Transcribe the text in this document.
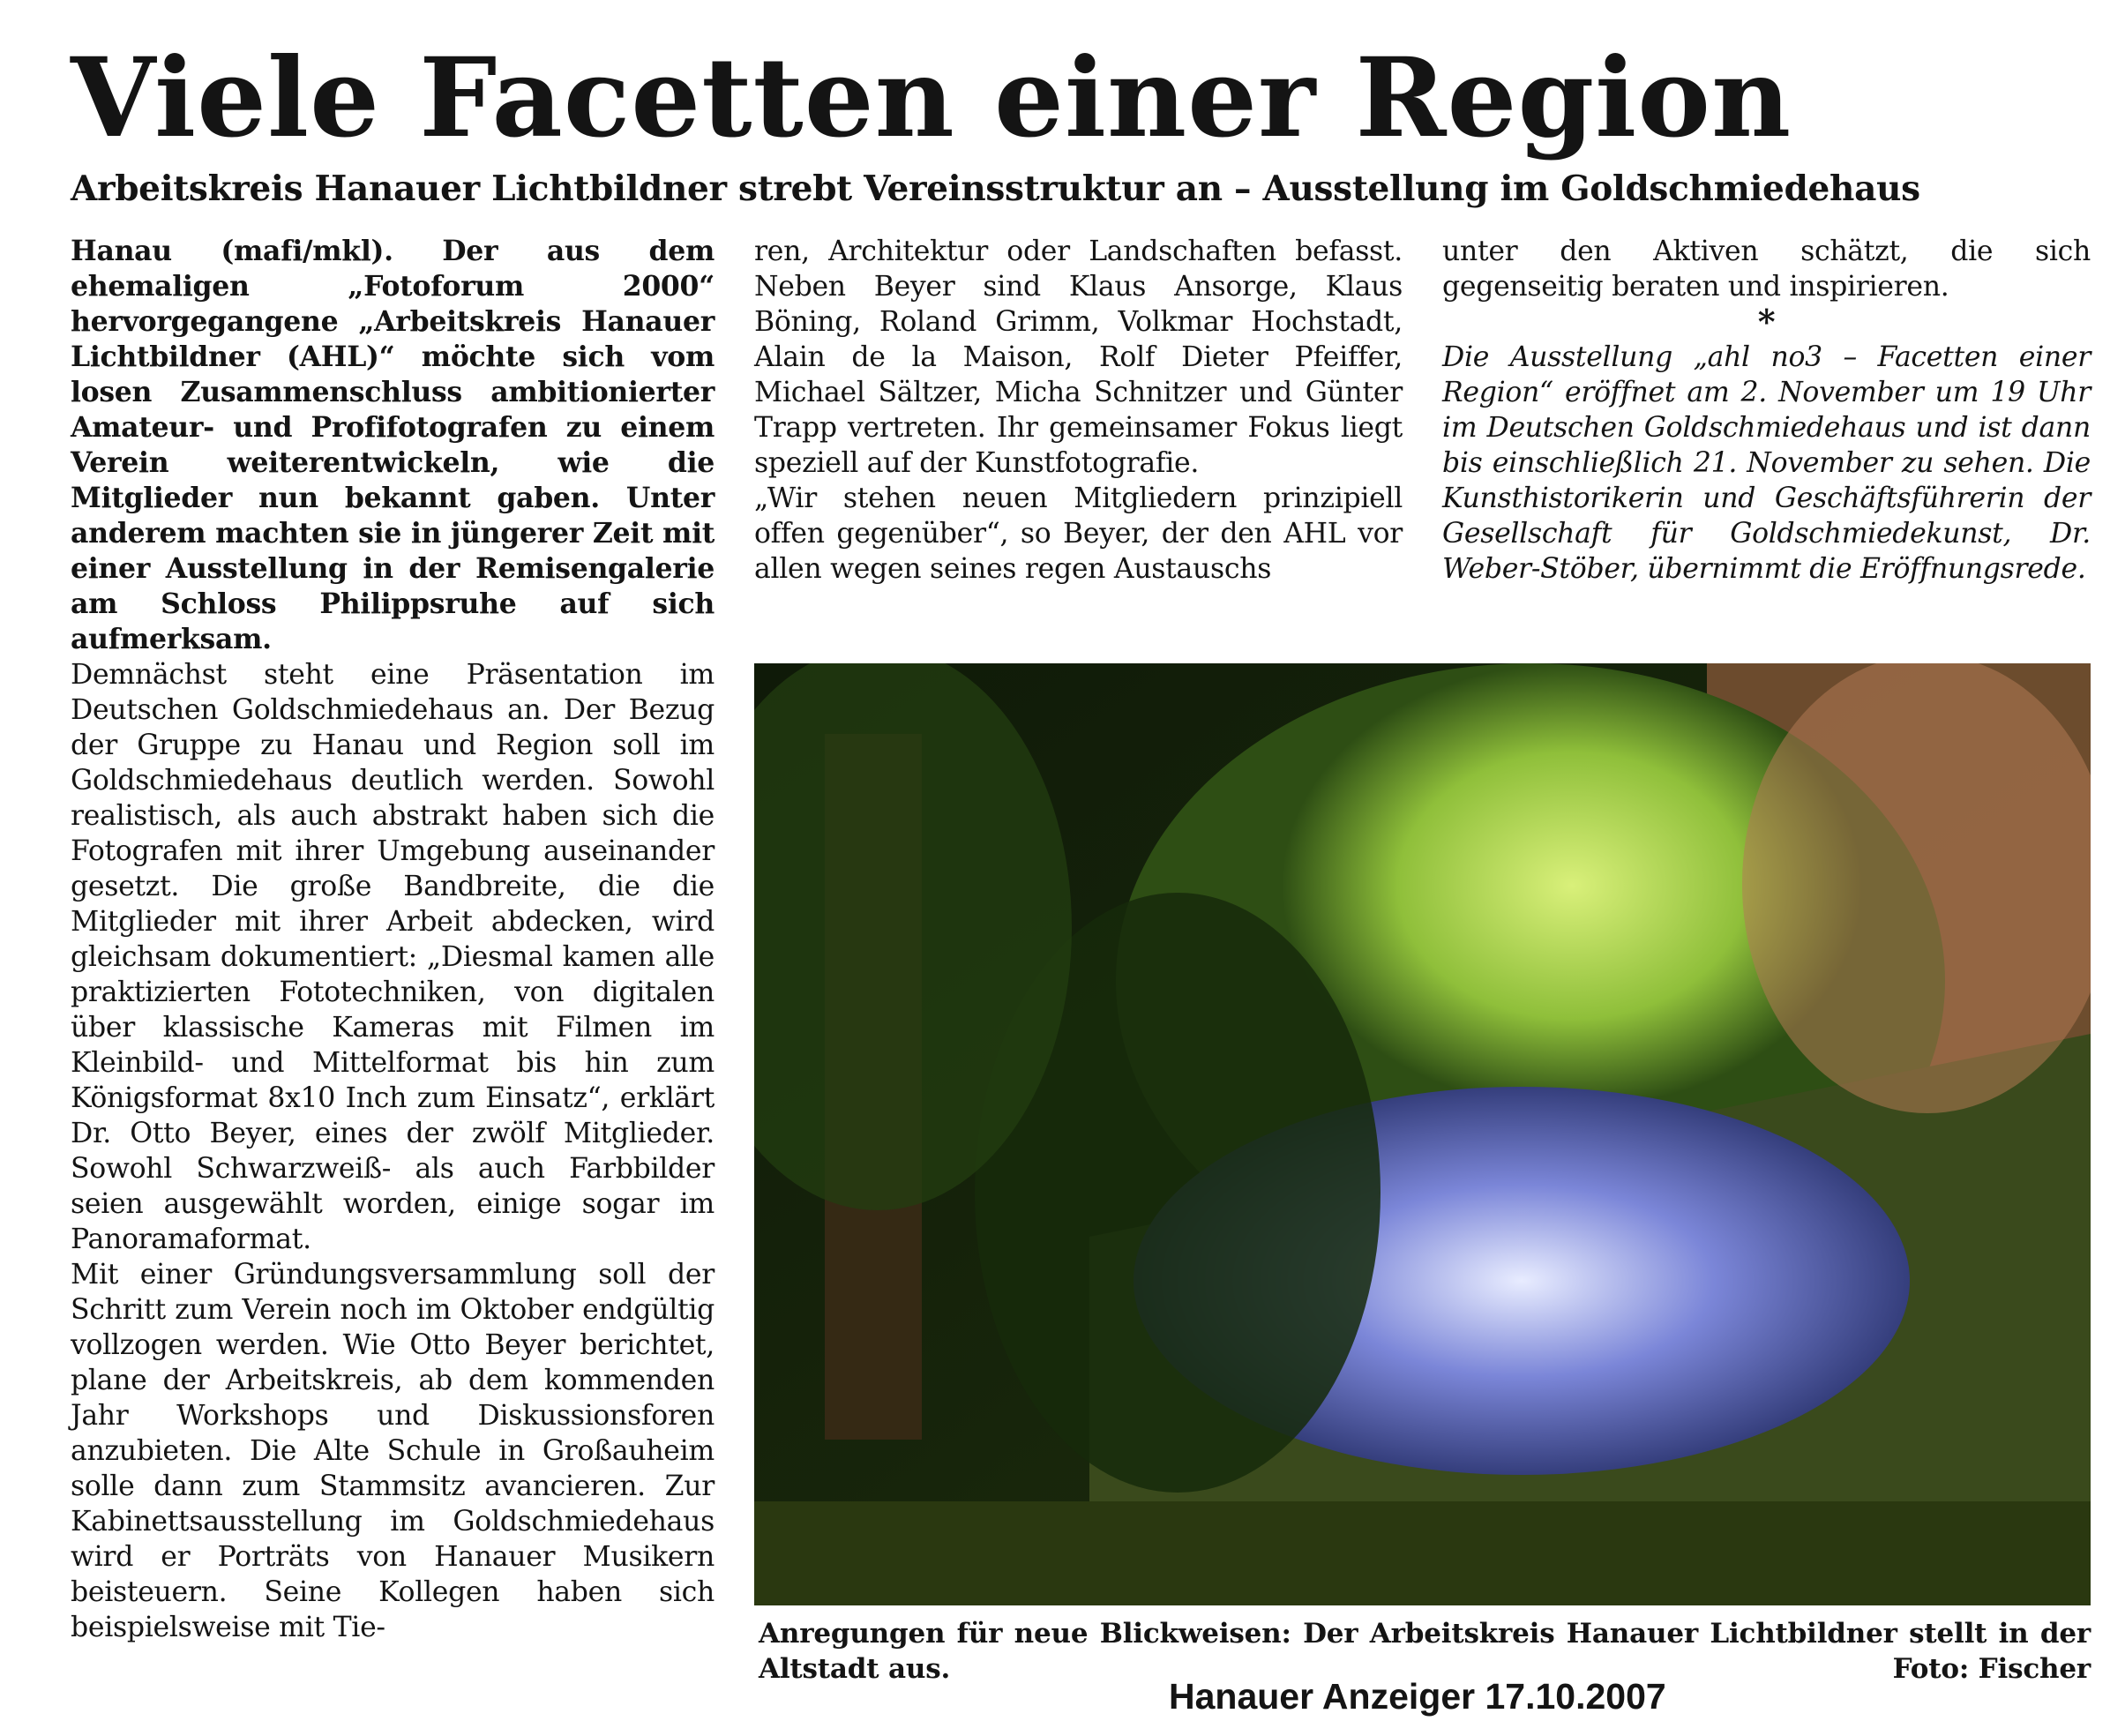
Viele Facetten einer Region
Arbeitskreis Hanauer Lichtbildner strebt Vereinsstruktur an – Ausstellung im Goldschmiedehaus

Hanau (mafi/mkl). Der aus dem ehemaligen „Fotoforum 2000“ hervorgegangene „Arbeitskreis Hanauer Lichtbildner (AHL)“ möchte sich vom losen Zusammenschluss ambitionierter Amateur- und Profifotografen zu einem Verein weiterentwickeln, wie die Mitglieder nun bekannt gaben. Unter anderem machten sie in jüngerer Zeit mit einer Ausstellung in der Remisengalerie am Schloss Philippsruhe auf sich aufmerksam.

Demnächst steht eine Präsentation im Deutschen Goldschmiedehaus an. Der Bezug der Gruppe zu Hanau und Region soll im Goldschmiedehaus deutlich werden. Sowohl realistisch, als auch abstrakt haben sich die Fotografen mit ihrer Umgebung auseinander gesetzt. Die große Bandbreite, die die Mitglieder mit ihrer Arbeit abdecken, wird gleichsam dokumentiert: „Diesmal kamen alle praktizierten Fototechniken, von digitalen über klassische Kameras mit Filmen im Kleinbild- und Mittelformat bis hin zum Königsformat 8x10 Inch zum Einsatz“, erklärt Dr. Otto Beyer, eines der zwölf Mitglieder. Sowohl Schwarzweiß- als auch Farbbilder seien ausgewählt worden, einige sogar im Panoramaformat.

Mit einer Gründungsversammlung soll der Schritt zum Verein noch im Oktober endgültig vollzogen werden. Wie Otto Beyer berichtet, plane der Arbeitskreis, ab dem kommenden Jahr Workshops und Diskussionsforen anzubieten. Die Alte Schule in Großauheim solle dann zum Stammsitz avancieren. Zur Kabinettsausstellung im Goldschmiedehaus wird er Porträts von Hanauer Musikern beisteuern. Seine Kollegen haben sich beispielsweise mit Tie-

ren, Architektur oder Landschaften befasst. Neben Beyer sind Klaus Ansorge, Klaus Böning, Roland Grimm, Volkmar Hochstadt, Alain de la Maison, Rolf Dieter Pfeiffer, Michael Sältzer, Micha Schnitzer und Günter Trapp vertreten. Ihr gemeinsamer Fokus liegt speziell auf der Kunstfotografie.

„Wir stehen neuen Mitgliedern prinzipiell offen gegenüber“, so Beyer, der den AHL vor allen wegen seines regen Austauschs

unter den Aktiven schätzt, die sich gegenseitig beraten und inspirieren.

*

Die Ausstellung „ahl no3 – Facetten einer Region“ eröffnet am 2. November um 19 Uhr im Deutschen Goldschmiedehaus und ist dann bis einschließlich 21. November zu sehen. Die Kunsthistorikerin und Geschäftsführerin der Gesellschaft für Goldschmiedekunst, Dr. Weber-Stöber, übernimmt die Eröffnungsrede.

Anregungen für neue Blickweisen: Der Arbeitskreis Hanauer Lichtbildner stellt in der Altstadt aus.	Foto: Fischer
Hanauer Anzeiger 17.10.2007
